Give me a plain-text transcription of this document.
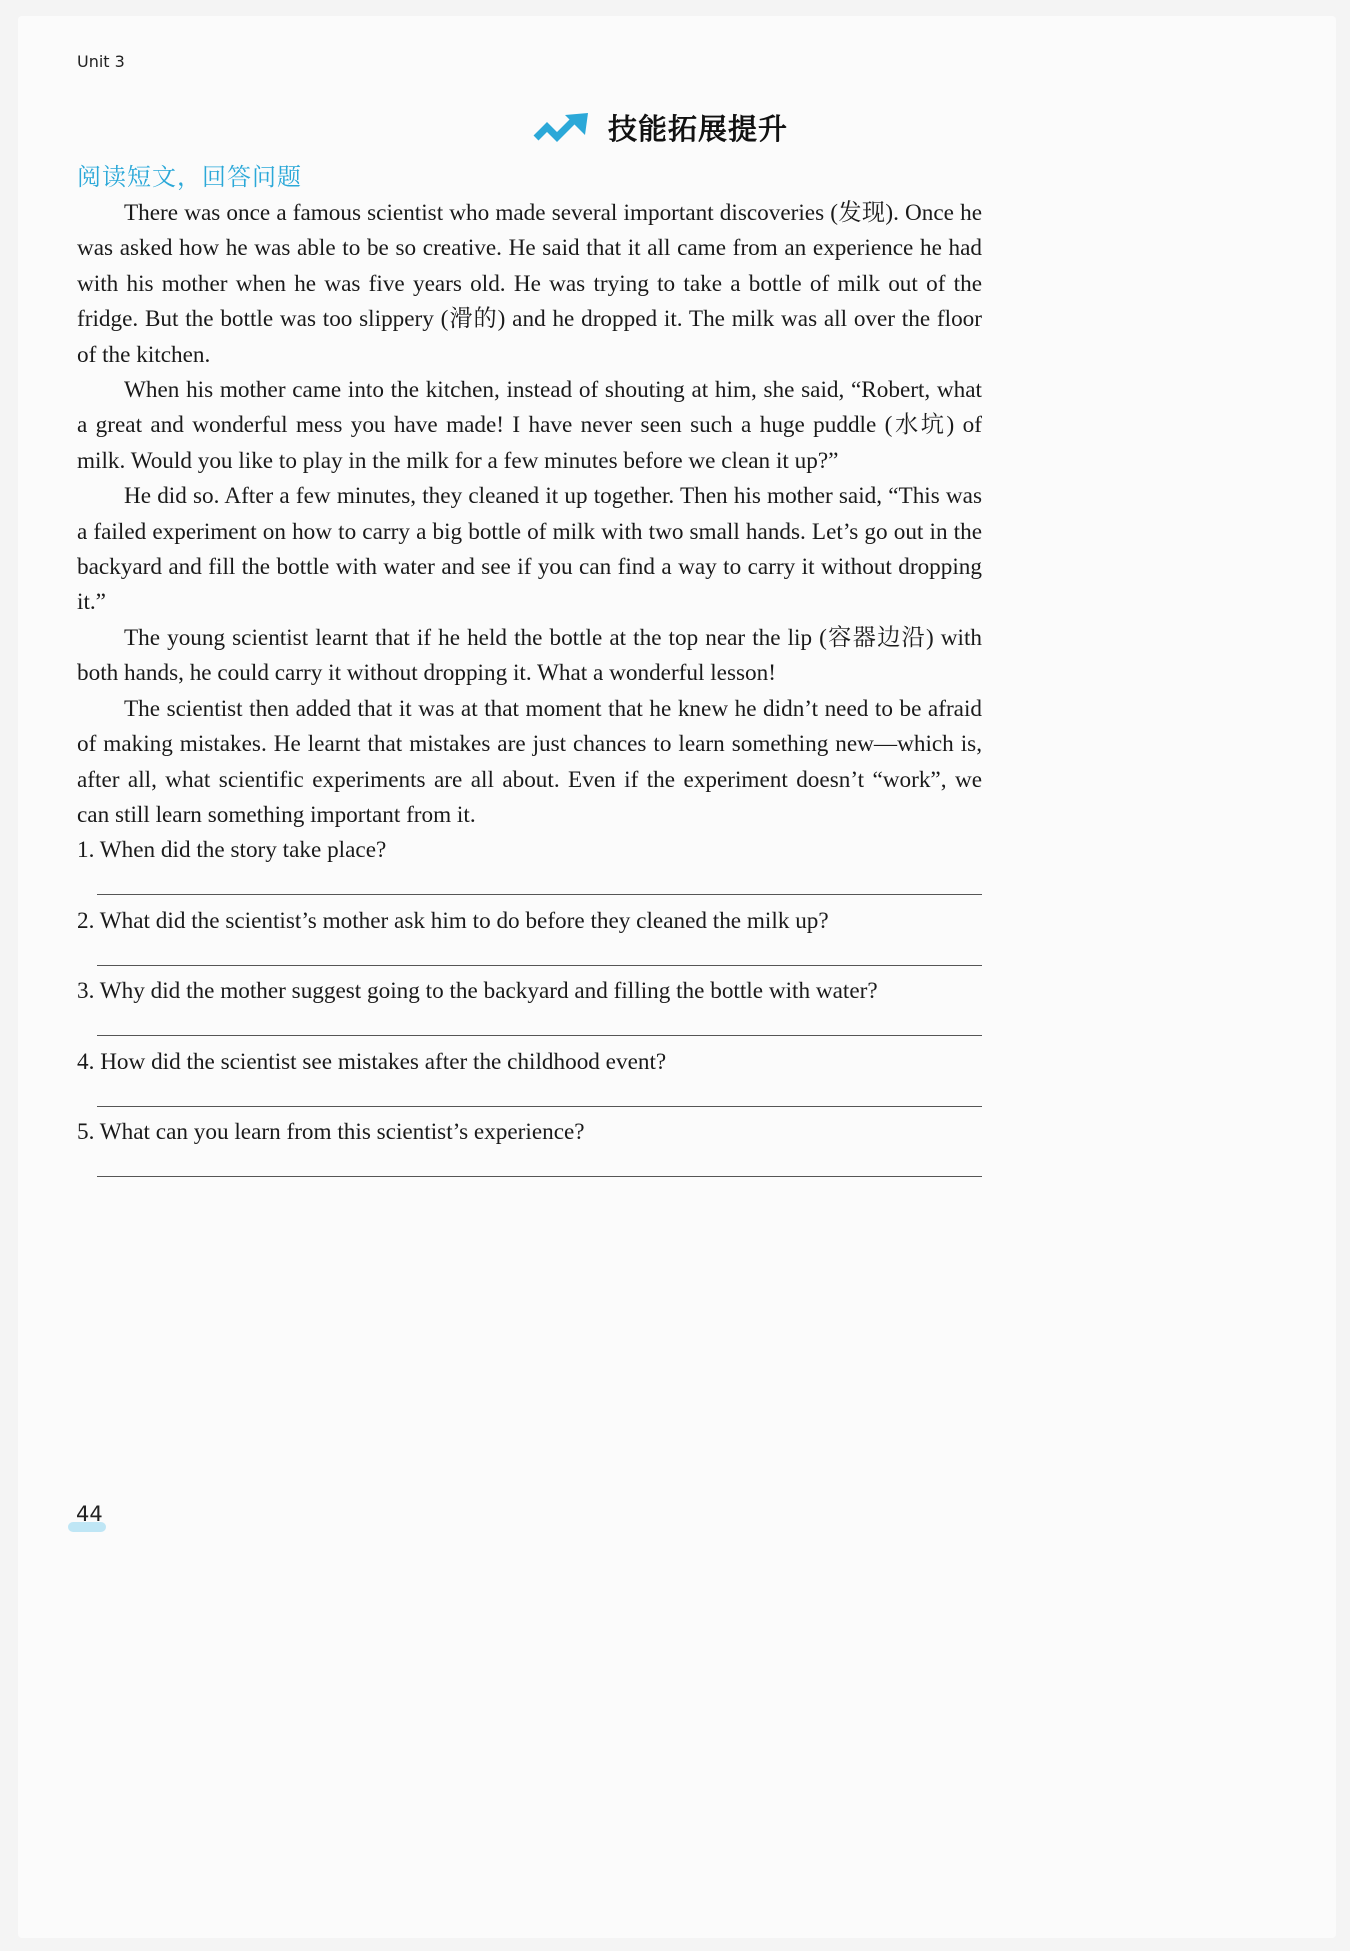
Unit 3
技能拓展提升
阅读短文，回答问题

There was once a famous scientist who made several important discoveries (发现). Once he was asked how he was able to be so creative. He said that it all came from an experience he had with his mother when he was five years old. He was trying to take a bottle of milk out of the fridge. But the bottle was too slippery (滑的) and he dropped it. The milk was all over the floor of the kitchen.

When his mother came into the kitchen, instead of shouting at him, she said, “Robert, what a great and wonderful mess you have made! I have never seen such a huge puddle (水坑) of milk. Would you like to play in the milk for a few minutes before we clean it up?”

He did so. After a few minutes, they cleaned it up together. Then his mother said, “This was a failed experiment on how to carry a big bottle of milk with two small hands. Let’s go out in the backyard and fill the bottle with water and see if you can find a way to carry it without dropping it.”

The young scientist learnt that if he held the bottle at the top near the lip (容器边沿) with both hands, he could carry it without dropping it. What a wonderful lesson!

The scientist then added that it was at that moment that he knew he didn’t need to be afraid of making mistakes. He learnt that mistakes are just chances to learn something new—which is, after all, what scientific experiments are all about. Even if the experiment doesn’t “work”, we can still learn something important from it.

1. When did the story take place?
2. What did the scientist’s mother ask him to do before they cleaned the milk up?
3. Why did the mother suggest going to the backyard and filling the bottle with water?
4. How did the scientist see mistakes after the childhood event?
5. What can you learn from this scientist’s experience?
44
